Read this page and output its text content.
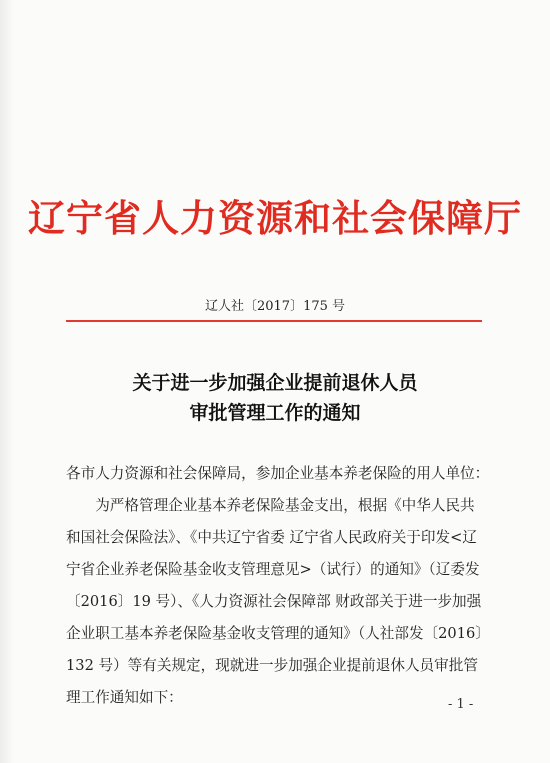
辽宁省人力资源和社会保障厅
辽人社〔2017〕175 号
关于进一步加强企业提前退休人员
审批管理工作的通知
各市人力资源和社会保障局，参加企业基本养老保险的用人单位：
　　为严格管理企业基本养老保险基金支出，根据《中华人民共
和国社会保险法》、《中共辽宁省委 辽宁省人民政府关于印发<辽
宁省企业养老保险基金收支管理意见>（试行）的通知》（辽委发
〔2016〕19 号）、《人力资源社会保障部 财政部关于进一步加强
企业职工基本养老保险基金收支管理的通知》（人社部发〔2016〕
132 号）等有关规定，现就进一步加强企业提前退休人员审批管
理工作通知如下：	- 1 -
